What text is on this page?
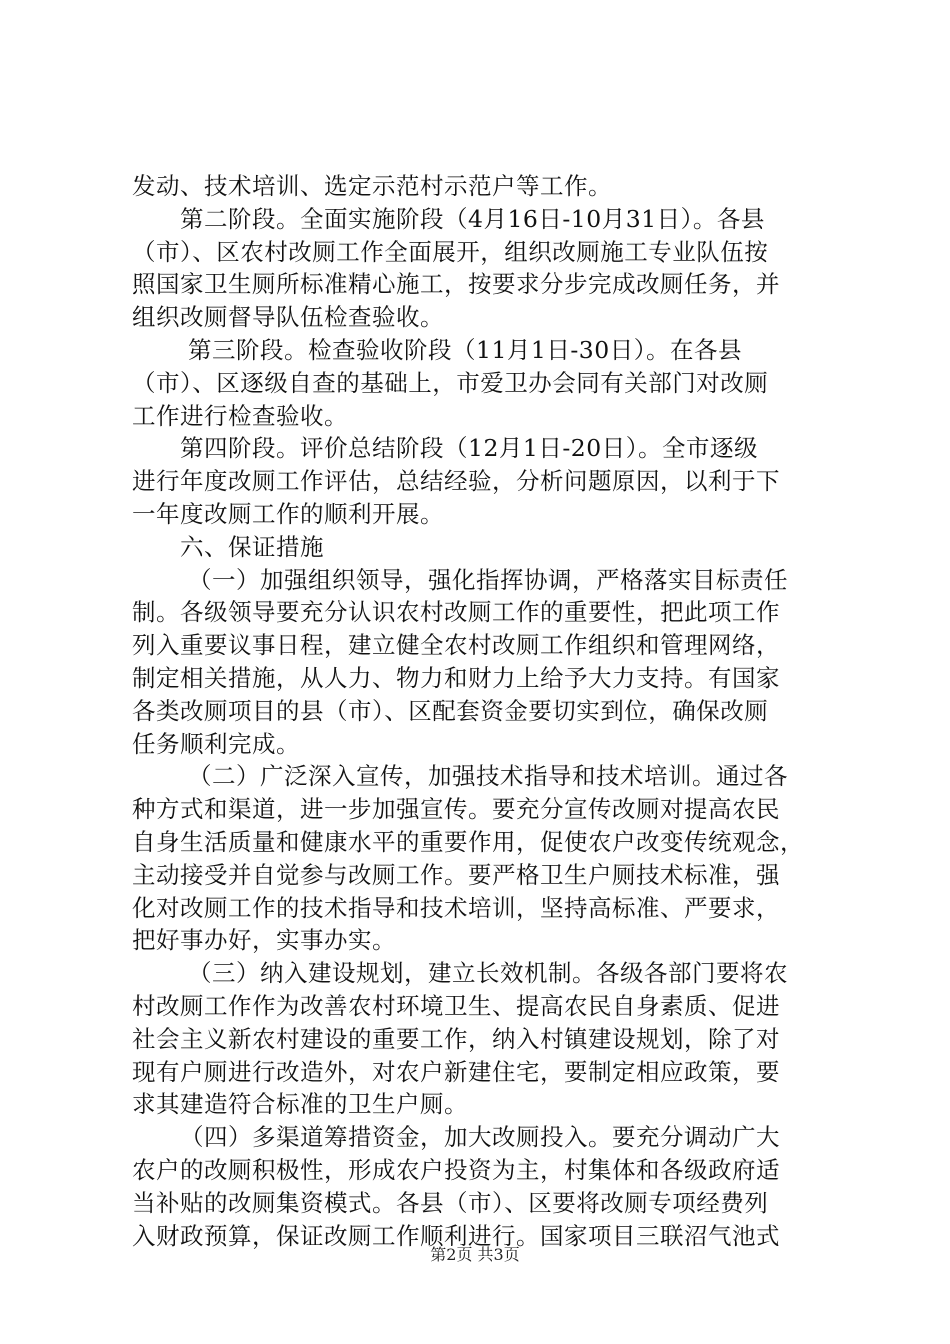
发动、技术培训、选定示范村示范户等工作。
第二阶段。全面实施阶段（4月16日-10月31日）。各县
（市）、区农村改厕工作全面展开，组织改厕施工专业队伍按
照国家卫生厕所标准精心施工，按要求分步完成改厕任务，并
组织改厕督导队伍检查验收。
第三阶段。检查验收阶段（11月1日-30日）。在各县
（市）、区逐级自查的基础上，市爱卫办会同有关部门对改厕
工作进行检查验收。
第四阶段。评价总结阶段（12月1日-20日）。全市逐级
进行年度改厕工作评估，总结经验，分析问题原因，以利于下
一年度改厕工作的顺利开展。
六、保证措施
（一）加强组织领导，强化指挥协调，严格落实目标责任
制。各级领导要充分认识农村改厕工作的重要性，把此项工作
列入重要议事日程，建立健全农村改厕工作组织和管理网络，
制定相关措施，从人力、物力和财力上给予大力支持。有国家
各类改厕项目的县（市）、区配套资金要切实到位，确保改厕
任务顺利完成。
（二）广泛深入宣传，加强技术指导和技术培训。通过各
种方式和渠道，进一步加强宣传。要充分宣传改厕对提高农民
自身生活质量和健康水平的重要作用，促使农户改变传统观念，
主动接受并自觉参与改厕工作。要严格卫生户厕技术标准，强
化对改厕工作的技术指导和技术培训，坚持高标准、严要求，
把好事办好，实事办实。
（三）纳入建设规划，建立长效机制。各级各部门要将农
村改厕工作作为改善农村环境卫生、提高农民自身素质、促进
社会主义新农村建设的重要工作，纳入村镇建设规划，除了对
现有户厕进行改造外，对农户新建住宅，要制定相应政策，要
求其建造符合标准的卫生户厕。
（四）多渠道筹措资金，加大改厕投入。要充分调动广大
农户的改厕积极性，形成农户投资为主，村集体和各级政府适
当补贴的改厕集资模式。各县（市）、区要将改厕专项经费列
入财政预算，保证改厕工作顺利进行。国家项目三联沼气池式
第2页 共3页
